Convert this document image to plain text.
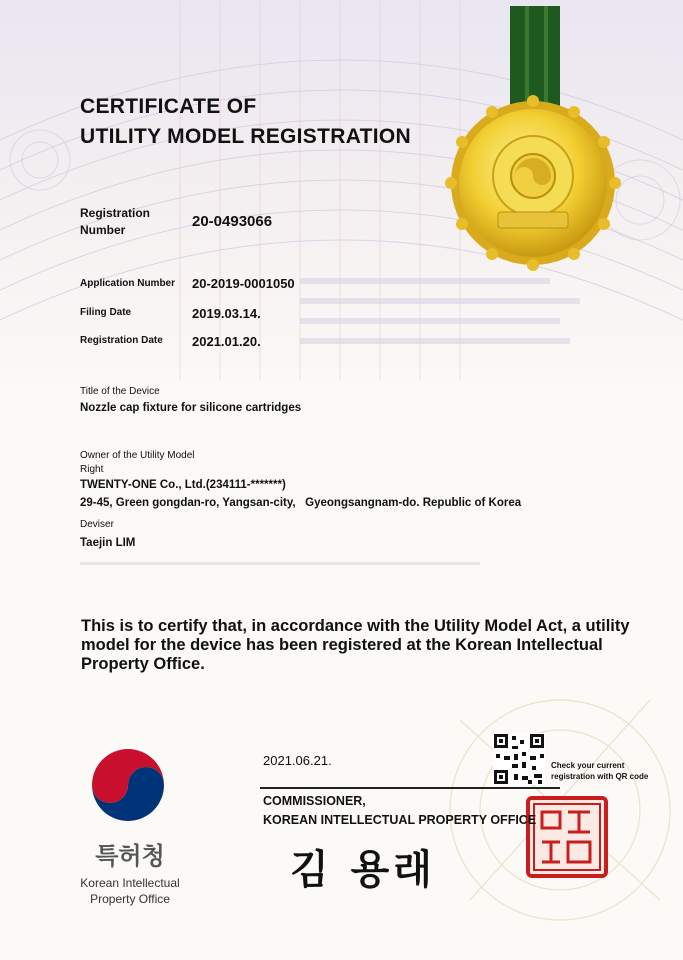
CERTIFICATE OF
UTILITY MODEL REGISTRATION
Registration
Number	20-0493066
Application Number 20-2019-0001050
Filing Date	2019.03.14.
Registration Date 2021.01.20.
Title of the Device
Nozzle cap fixture for silicone cartridges
Owner of the Utility Model
Right
TWENTY-ONE Co., Ltd.(234111-*******)
29-45, Green gongdan-ro, Yangsan-city,   Gyeongsangnam-do. Republic of Korea
Deviser
Taejin LIM
This is to certify that, in accordance with the Utility Model Act, a utility model for the device has been registered at the Korean Intellectual Property Office.
2021.06.21.	Check your current
registration with QR code
COMMISSIONER,
KOREAN INTELLECTUAL PROPERTY OFFICE
김 용래
특허청
Korean Intellectual
Property Office
